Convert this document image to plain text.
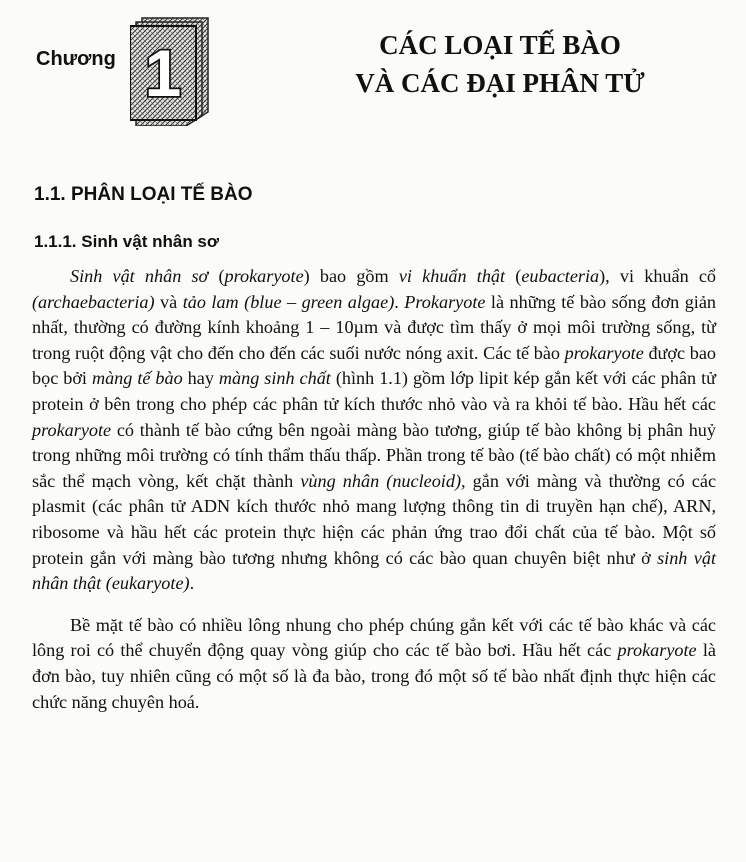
Chương 1	CÁC LOẠI TẾ BÀO
VÀ CÁC ĐẠI PHÂN TỬ
1.1. PHÂN LOẠI TẾ BÀO
1.1.1. Sinh vật nhân sơ

Sinh vật nhân sơ (prokaryote) bao gồm vi khuẩn thật (eubacteria), vi khuẩn cổ (archaebacteria) và tảo lam (blue – green algae). Prokaryote là những tế bào sống đơn giản nhất, thường có đường kính khoảng 1 – 10µm và được tìm thấy ở mọi môi trường sống, từ trong ruột động vật cho đến cho đến các suối nước nóng axit. Các tế bào prokaryote được bao bọc bởi màng tế bào hay màng sinh chất (hình 1.1) gồm lớp lipit kép gắn kết với các phân tử protein ở bên trong cho phép các phân tử kích thước nhỏ vào và ra khỏi tế bào. Hầu hết các prokaryote có thành tế bào cứng bên ngoài màng bào tương, giúp tế bào không bị phân huỷ trong những môi trường có tính thẩm thấu thấp. Phần trong tế bào (tế bào chất) có một nhiễm sắc thể mạch vòng, kết chặt thành vùng nhân (nucleoid), gắn với màng và thường có các plasmit (các phân tử ADN kích thước nhỏ mang lượng thông tin di truyền hạn chế), ARN, ribosome và hầu hết các protein thực hiện các phản ứng trao đổi chất của tế bào. Một số protein gắn với màng bào tương nhưng không có các bào quan chuyên biệt như ở sinh vật nhân thật (eukaryote).

Bề mặt tế bào có nhiều lông nhung cho phép chúng gắn kết với các tế bào khác và các lông roi có thể chuyển động quay vòng giúp cho các tế bào bơi. Hầu hết các prokaryote là đơn bào, tuy nhiên cũng có một số là đa bào, trong đó một số tế bào nhất định thực hiện các chức năng chuyên hoá.
